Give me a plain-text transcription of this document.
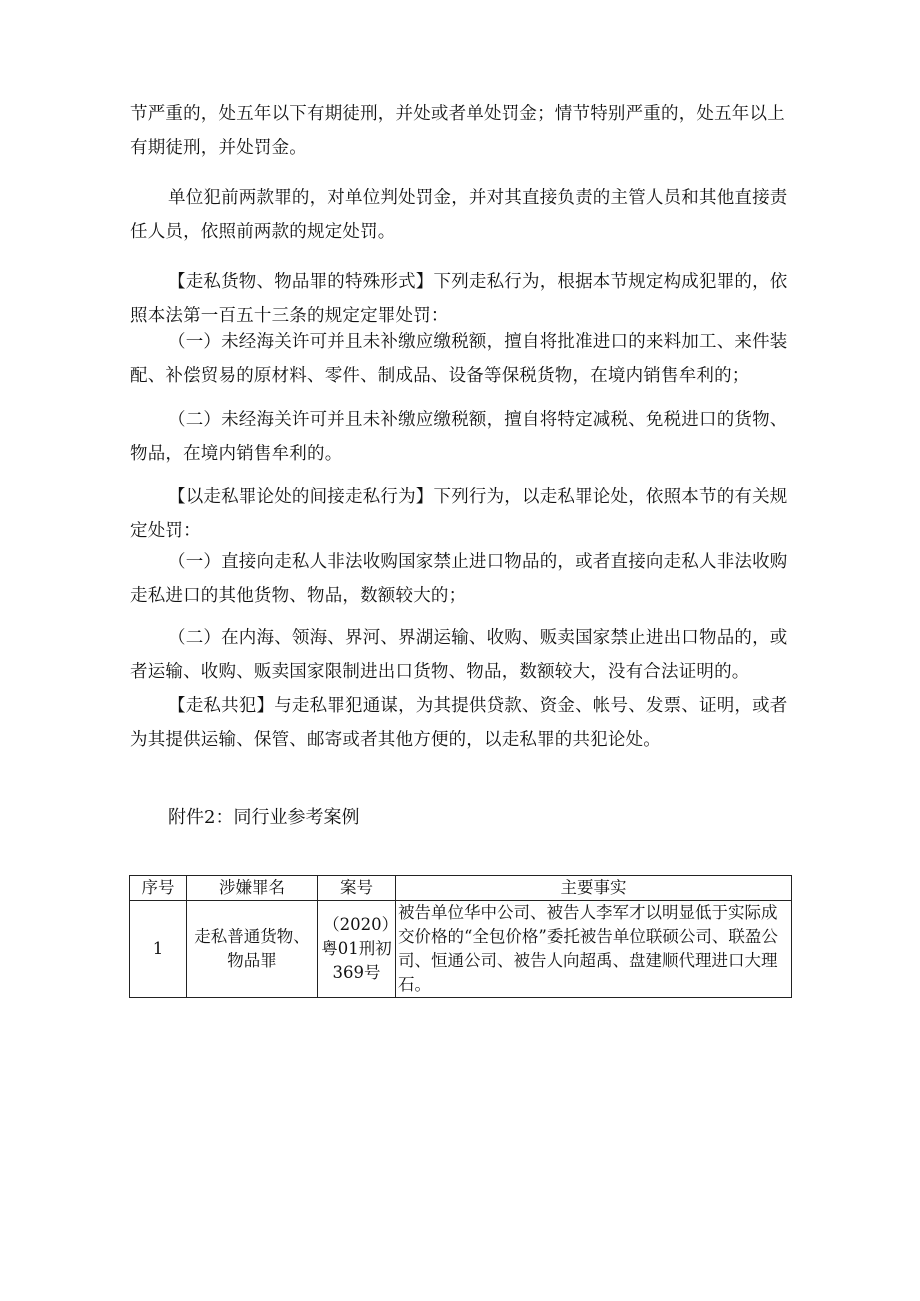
节严重的，处五年以下有期徒刑，并处或者单处罚金；情节特别严重的，处五年以上有期徒刑，并处罚金。

单位犯前两款罪的，对单位判处罚金，并对其直接负责的主管人员和其他直接责任人员，依照前两款的规定处罚。

【走私货物、物品罪的特殊形式】下列走私行为，根据本节规定构成犯罪的，依照本法第一百五十三条的规定定罪处罚：

（一）未经海关许可并且未补缴应缴税额，擅自将批准进口的来料加工、来件装配、补偿贸易的原材料、零件、制成品、设备等保税货物，在境内销售牟利的；

（二）未经海关许可并且未补缴应缴税额，擅自将特定减税、免税进口的货物、物品，在境内销售牟利的。

【以走私罪论处的间接走私行为】下列行为，以走私罪论处，依照本节的有关规定处罚：

（一）直接向走私人非法收购国家禁止进口物品的，或者直接向走私人非法收购走私进口的其他货物、物品，数额较大的；

（二）在内海、领海、界河、界湖运输、收购、贩卖国家禁止进出口物品的，或者运输、收购、贩卖国家限制进出口货物、物品，数额较大，没有合法证明的。

【走私共犯】与走私罪犯通谋，为其提供贷款、资金、帐号、发票、证明，或者为其提供运输、保管、邮寄或者其他方便的，以走私罪的共犯论处。

附件2：同行业参考案例
序号	涉嫌罪名	案号	主要事实
1	走私普通货物、物品罪	（2020）粤01刑初369号	被告单位华中公司、被告人李军才以明显低于实际成交价格的“全包价格”委托被告单位联硕公司、联盈公司、恒通公司、被告人向超禹、盘建顺代理进口大理石。
